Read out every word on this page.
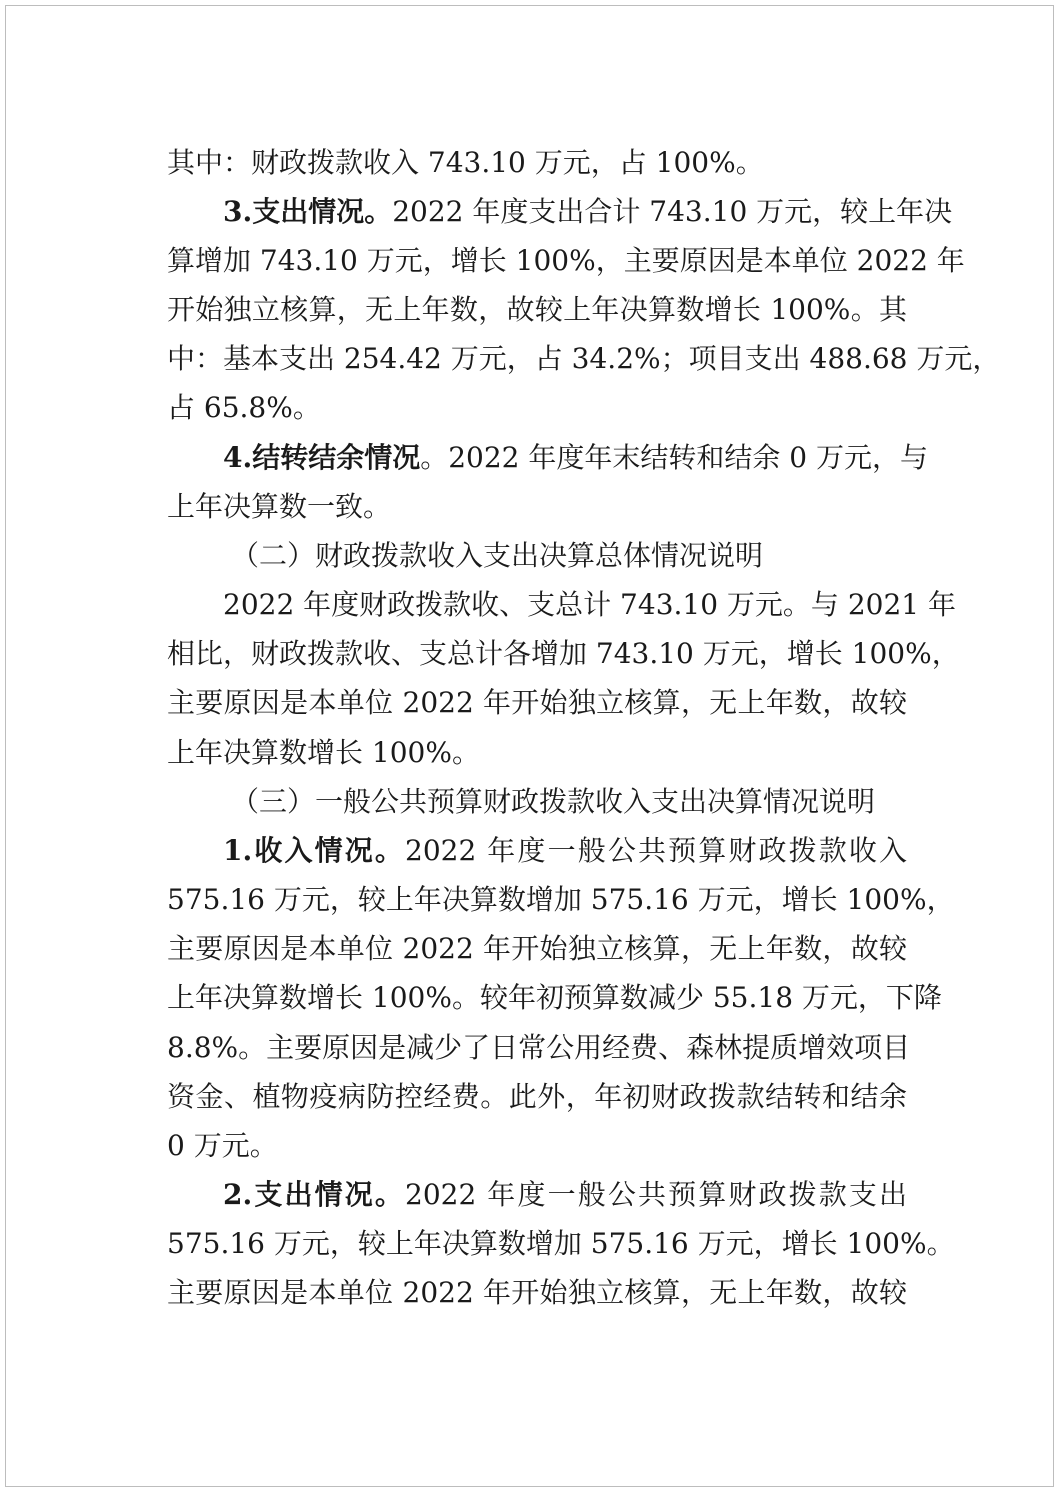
其中：财政拨款收入 743.10 万元，占 100%。
3.支出情况。2022 年度支出合计 743.10 万元，较上年决
算增加 743.10 万元，增长 100%，主要原因是本单位 2022 年
开始独立核算，无上年数，故较上年决算数增长 100%。其
中：基本支出 254.42 万元，占 34.2%；项目支出 488.68 万元，
占 65.8%。
4.结转结余情况。2022 年度年末结转和结余 0 万元，与
上年决算数一致。
（二）财政拨款收入支出决算总体情况说明
2022 年度财政拨款收、支总计 743.10 万元。与 2021 年
相比，财政拨款收、支总计各增加 743.10 万元，增长 100%，
主要原因是本单位 2022 年开始独立核算，无上年数，故较
上年决算数增长 100%。
（三）一般公共预算财政拨款收入支出决算情况说明
1.收入情况。2022 年度一般公共预算财政拨款收入
575.16 万元，较上年决算数增加 575.16 万元，增长 100%，
主要原因是本单位 2022 年开始独立核算，无上年数，故较
上年决算数增长 100%。较年初预算数减少 55.18 万元，下降
8.8%。主要原因是减少了日常公用经费、森林提质增效项目
资金、植物疫病防控经费。此外，年初财政拨款结转和结余
0 万元。
2.支出情况。2022 年度一般公共预算财政拨款支出
575.16 万元，较上年决算数增加 575.16 万元，增长 100%。
主要原因是本单位 2022 年开始独立核算，无上年数，故较
